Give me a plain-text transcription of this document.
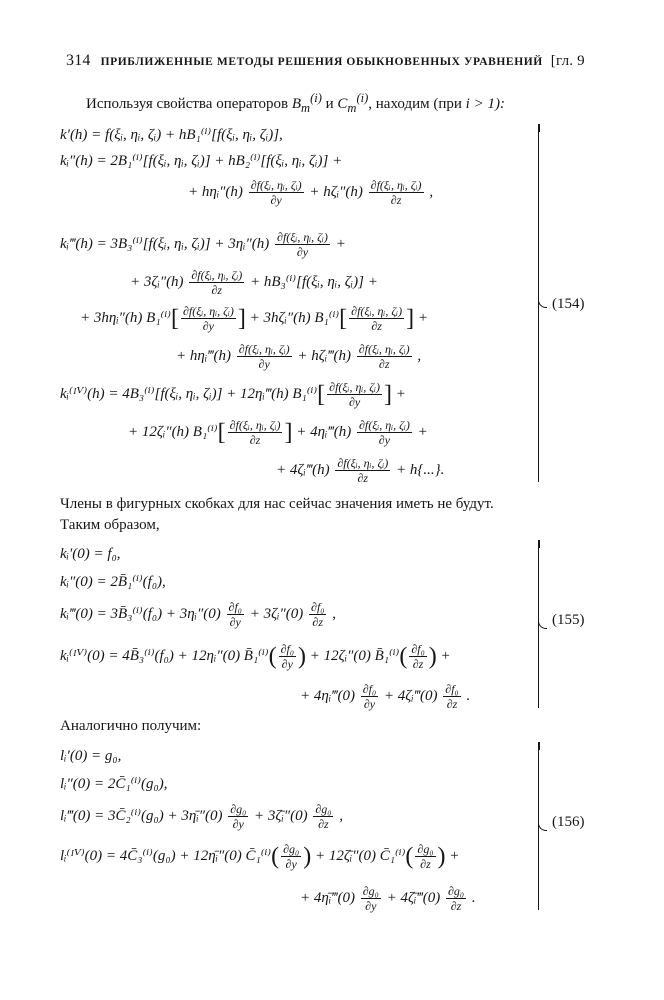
314 ПРИБЛИЖЕННЫЕ МЕТОДЫ РЕШЕНИЯ ОБЫКНОВЕННЫХ УРАВНЕНИЙ [гл. 9
Используя свойства операторов $B_m^{(i)}$ и $C_m^{(i)}$, находим (при i > 1):
k′(h) = f(ξᵢ, ηᵢ, ζᵢ) + hB₁⁽ⁱ⁾[f(ξᵢ, ηᵢ, ζᵢ)],
kᵢ″(h) = 2B₁⁽ⁱ⁾[f(ξᵢ, ηᵢ, ζᵢ)] + hB₂⁽ⁱ⁾[f(ξᵢ, ηᵢ, ζᵢ)] +
+ hηᵢ″(h) $\frac{\text{∂f(ξᵢ, ηᵢ, ζᵢ)}}{\partial y}$ + hζᵢ″(h) $\frac{\text{∂f(ξᵢ, ηᵢ, ζᵢ)}}{\partial z}$ ,
kᵢ‴(h) = 3B₃⁽ⁱ⁾[f(ξᵢ, ηᵢ, ζᵢ)] + 3ηᵢ″(h) $\frac{\text{∂f(ξᵢ, ηᵢ, ζᵢ)}}{\partial y}$ +
+ 3ζᵢ″(h) $\frac{\text{∂f(ξᵢ, ηᵢ, ζᵢ)}}{\partial z}$ + hB₃⁽ⁱ⁾[f(ξᵢ, ηᵢ, ζᵢ)] +
+ 3hηᵢ″(h) $B_1^{(i)}[ \frac{\text{∂f(ξᵢ, ηᵢ, ζᵢ)}}{\partial y}$ ] + 3hζᵢ″(h) $B_1^{(i)}[ \frac{\text{∂f(ξᵢ, ηᵢ, ζᵢ)}}{\partial z}$ ] +
+ hηᵢ‴(h) $\frac{\text{∂f(ξᵢ, ηᵢ, ζᵢ)}}{\partial y}$ + hζᵢ‴(h) $\frac{\text{∂f(ξᵢ, ηᵢ, ζᵢ)}}{\partial z}$ ,
kᵢ⁽ᴵⱽ⁾(h) = 4B₃⁽ⁱ⁾[f(ξᵢ, ηᵢ, ζᵢ)] + 12ηᵢ‴(h) $B_1^{(i)}[ \frac{\text{∂f(ξᵢ, ηᵢ, ζᵢ)}}{\partial y}$ ] +
+ 12ζᵢ″(h) $B_1^{(i)}[ \frac{\text{∂f(ξᵢ, ηᵢ, ζᵢ)}}{\partial z}$ ] + 4ηᵢ‴(h) $\frac{\text{∂f(ξᵢ, ηᵢ, ζᵢ)}}{\partial y}$ +
+ 4ζᵢ‴(h) $\frac{\text{∂f(ξᵢ, ηᵢ, ζᵢ)}}{\partial z} + h\{...\}$.
(154)
Члены в фигурных скобках для нас сейчас значения иметь не будут.
Таким образом,
kᵢ′(0) = f₀,
kᵢ″(0) = 2B̄₁⁽ⁱ⁾(f₀),
kᵢ‴(0) = 3B̄₃⁽ⁱ⁾(f₀) + 3ηᵢ″(0) $\frac{\text{∂f₀}}{\partial y}$ + 3ζᵢ″(0) $\frac{\text{∂f₀}}{\partial z}$ ,
kᵢ⁽ᴵⱽ⁾(0) = 4B̄₃⁽ⁱ⁾(f₀) + 12ηᵢ″(0) B̄₁⁽ⁱ⁾( $\frac{\text{∂f₀}}{\partial y}$ ) + 12ζᵢ″(0) B̄₁⁽ⁱ⁾( $\frac{\text{∂f₀}}{\partial z}$ ) +
+ 4ηᵢ‴(0) $\frac{\text{∂f₀}}{\partial y}$ + 4ζᵢ‴(0) $\frac{\text{∂f₀}}{\partial z}$ .
(155)
Аналогично получим:
lᵢ′(0) = g₀,
lᵢ″(0) = 2C̄₁⁽ⁱ⁾(g₀),
lᵢ‴(0) = 3C̄₂⁽ⁱ⁾(g₀) + 3η̄ᵢ″(0) $\frac{\text{∂g₀}}{\partial y}$ + 3ζ̄ᵢ″(0) $\frac{\text{∂g₀}}{\partial z}$ ,
lᵢ⁽ᴵⱽ⁾(0) = 4C̄₃⁽ⁱ⁾(g₀) + 12η̄ᵢ″(0) C̄₁⁽ⁱ⁾( $\frac{\text{∂g₀}}{\partial y}$ ) + 12ζ̄ᵢ″(0) C̄₁⁽ⁱ⁾( $\frac{\text{∂g₀}}{\partial z}$ ) +
+ 4η̄ᵢ‴(0) $\frac{\text{∂g₀}}{\partial y}$ + 4ζ̄ᵢ‴(0) $\frac{\text{∂g₀}}{\partial z}$ .
(156)
